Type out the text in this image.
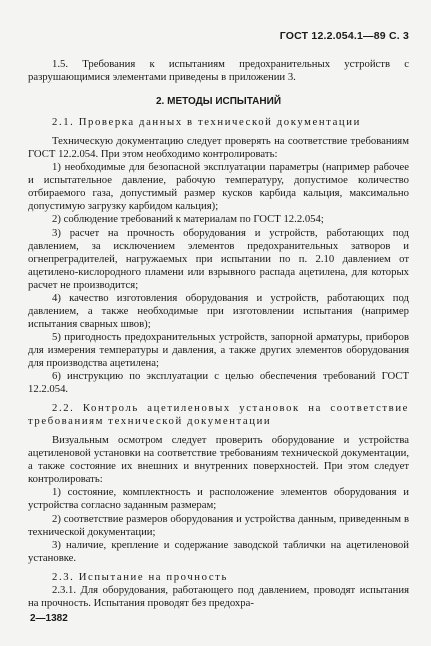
ГОСТ 12.2.054.1—89 С. 3

1.5. Требования к испытаниям предохранительных устройств с разрушающимися элементами приведены в приложении 3.

2. МЕТОДЫ ИСПЫТАНИЙ

2.1. Проверка данных в технической документации

Техническую документацию следует проверять на соответствие требованиям ГОСТ 12.2.054. При этом необходимо контролировать:

1) необходимые для безопасной эксплуатации параметры (например рабочее и испытательное давление, рабочую температуру, допустимое количество отбираемого газа, допустимый размер кусков карбида кальция, максимально допустимую загрузку карбидом кальция);

2) соблюдение требований к материалам по ГОСТ 12.2.054;

3) расчет на прочность оборудования и устройств, работающих под давлением, за исключением элементов предохранительных затворов и огнепреградителей, нагружаемых при испытании по п. 2.10 давлением от ацетилено-кислородного пламени или взрывного распада ацетилена, для которых расчет не производится;

4) качество изготовления оборудования и устройств, работающих под давлением, а также необходимые при изготовлении испытания (например испытания сварных швов);

5) пригодность предохранительных устройств, запорной арматуры, приборов для измерения температуры и давления, а также других элементов оборудования для производства ацетилена;

6) инструкцию по эксплуатации с целью обеспечения требований ГОСТ 12.2.054.

2.2. Контроль ацетиленовых установок на соответствие требованиям технической документации

Визуальным осмотром следует проверить оборудование и устройства ацетиленовой установки на соответствие требованиям технической документации, а также состояние их внешних и внутренних поверхностей. При этом следует контролировать:

1) состояние, комплектность и расположение элементов оборудования и устройства согласно заданным размерам;

2) соответствие размеров оборудования и устройства данным, приведенным в технической документации;

3) наличие, крепление и содержание заводской таблички на ацетиленовой установке.

2.3. Испытание на прочность

2.3.1. Для оборудования, работающего под давлением, проводят испытания на прочность. Испытания проводят без предохра-

2—1382
